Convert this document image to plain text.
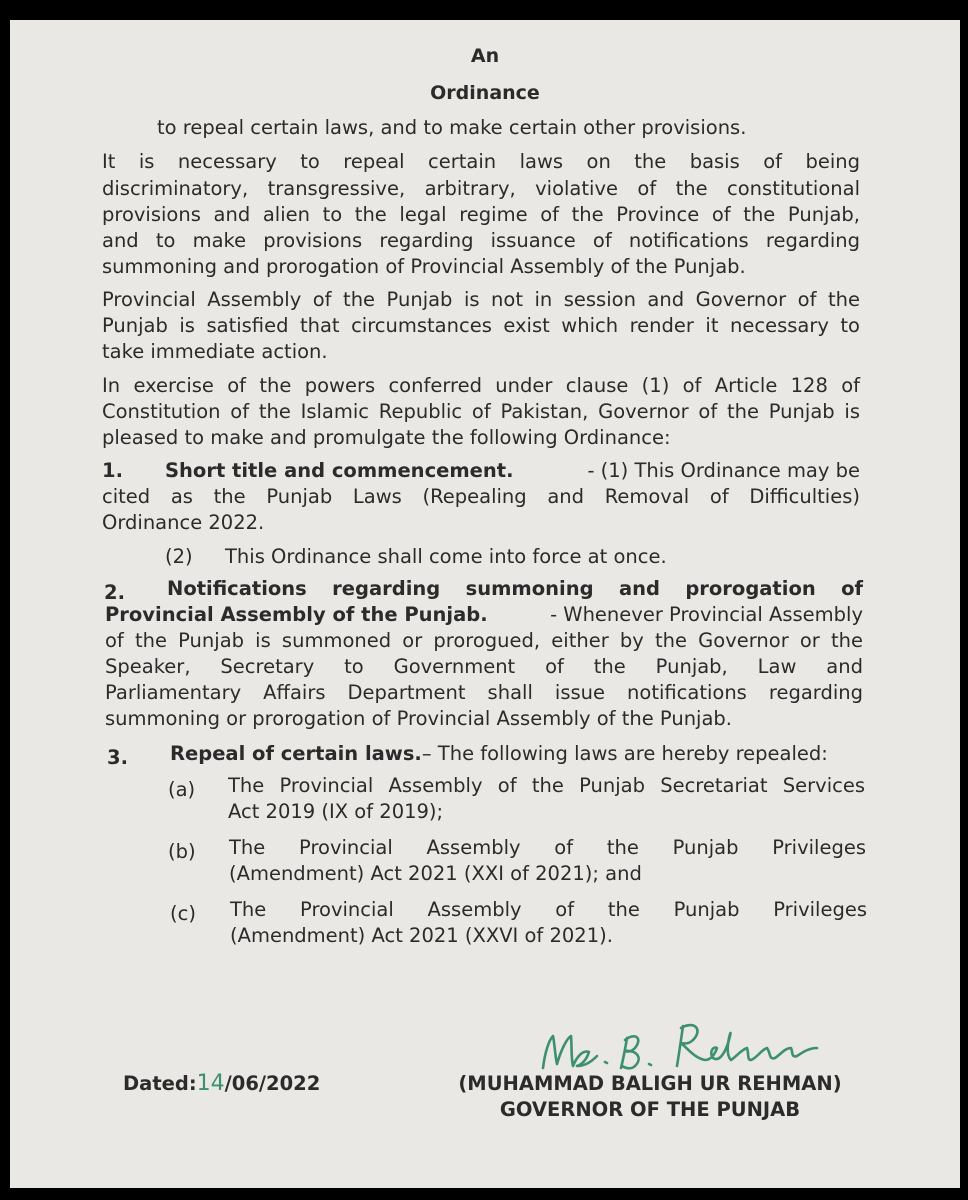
An
Ordinance
to repeal certain laws, and to make certain other provisions.
It is necessary to repeal certain laws on the basis of being
discriminatory, transgressive, arbitrary, violative of the constitutional
provisions and alien to the legal regime of the Province of the Punjab,
and to make provisions regarding issuance of notifications regarding
summoning and prorogation of Provincial Assembly of the Punjab.
Provincial Assembly of the Punjab is not in session and Governor of the
Punjab is satisfied that circumstances exist which render it necessary to
take immediate action.
In exercise of the powers conferred under clause (1) of Article 128 of
Constitution of the Islamic Republic of Pakistan, Governor of the Punjab is
pleased to make and promulgate the following Ordinance:
1. Short title and commencement.	- (1) This Ordinance may be
cited as the Punjab Laws (Repealing and Removal of Difficulties)
Ordinance 2022.
(2) This Ordinance shall come into force at once.
2. Notifications regarding summoning and prorogation of
Provincial Assembly of the Punjab.	- Whenever Provincial Assembly
of the Punjab is summoned or prorogued, either by the Governor or the
Speaker, Secretary to Government of the Punjab, Law and
Parliamentary Affairs Department shall issue notifications regarding
summoning or prorogation of Provincial Assembly of the Punjab.
3. Repeal of certain laws.– The following laws are hereby repealed:
(a) The Provincial Assembly of the Punjab Secretariat Services
Act 2019 (IX of 2019);
(b) The Provincial Assembly of the Punjab Privileges
(Amendment) Act 2021 (XXI of 2021); and
(c) The Provincial Assembly of the Punjab Privileges
(Amendment) Act 2021 (XXVI of 2021).
Dated:14/06/2022	(MUHAMMAD BALIGH UR REHMAN)
GOVERNOR OF THE PUNJAB
